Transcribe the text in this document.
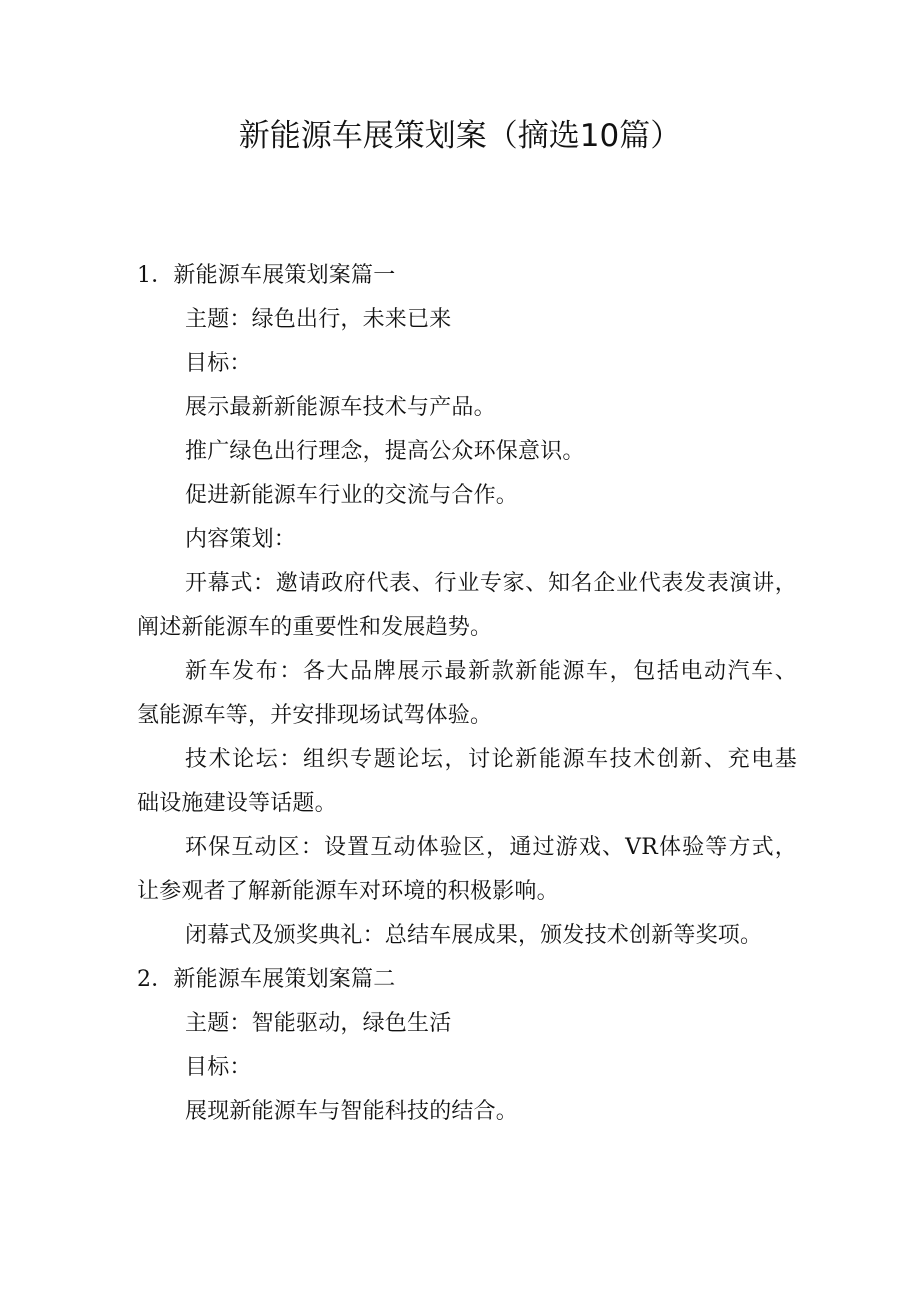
新能源车展策划案（摘选10篇）
1．新能源车展策划案篇一
主题：绿色出行，未来已来
目标：
展示最新新能源车技术与产品。
推广绿色出行理念，提高公众环保意识。
促进新能源车行业的交流与合作。
内容策划：
开幕式：邀请政府代表、行业专家、知名企业代表发表演讲，
阐述新能源车的重要性和发展趋势。
新车发布：各大品牌展示最新款新能源车，包括电动汽车、
氢能源车等，并安排现场试驾体验。
技术论坛：组织专题论坛，讨论新能源车技术创新、充电基
础设施建设等话题。
环保互动区：设置互动体验区，通过游戏、VR体验等方式，
让参观者了解新能源车对环境的积极影响。
闭幕式及颁奖典礼：总结车展成果，颁发技术创新等奖项。
2．新能源车展策划案篇二
主题：智能驱动，绿色生活
目标：
展现新能源车与智能科技的结合。
